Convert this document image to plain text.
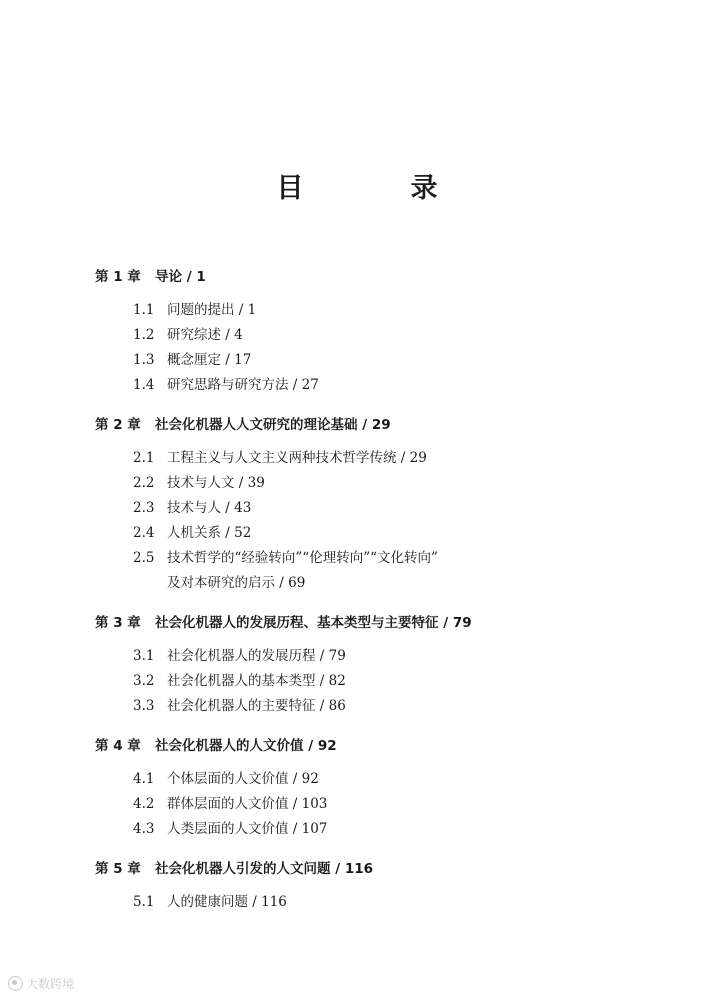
目　录
第 1 章 导论 / 1
1.1 问题的提出 / 1
1.2 研究综述 / 4
1.3 概念厘定 / 17
1.4 研究思路与研究方法 / 27
第 2 章 社会化机器人人文研究的理论基础 / 29
2.1 工程主义与人文主义两种技术哲学传统 / 29
2.2 技术与人文 / 39
2.3 技术与人 / 43
2.4 人机关系 / 52
2.5 技术哲学的“经验转向”“伦理转向”“文化转向”
及对本研究的启示 / 69
第 3 章 社会化机器人的发展历程、基本类型与主要特征 / 79
3.1 社会化机器人的发展历程 / 79
3.2 社会化机器人的基本类型 / 82
3.3 社会化机器人的主要特征 / 86
第 4 章 社会化机器人的人文价值 / 92
4.1 个体层面的人文价值 / 92
4.2 群体层面的人文价值 / 103
4.3 人类层面的人文价值 / 107
第 5 章 社会化机器人引发的人文问题 / 116
5.1 人的健康问题 / 116
大数跨境
